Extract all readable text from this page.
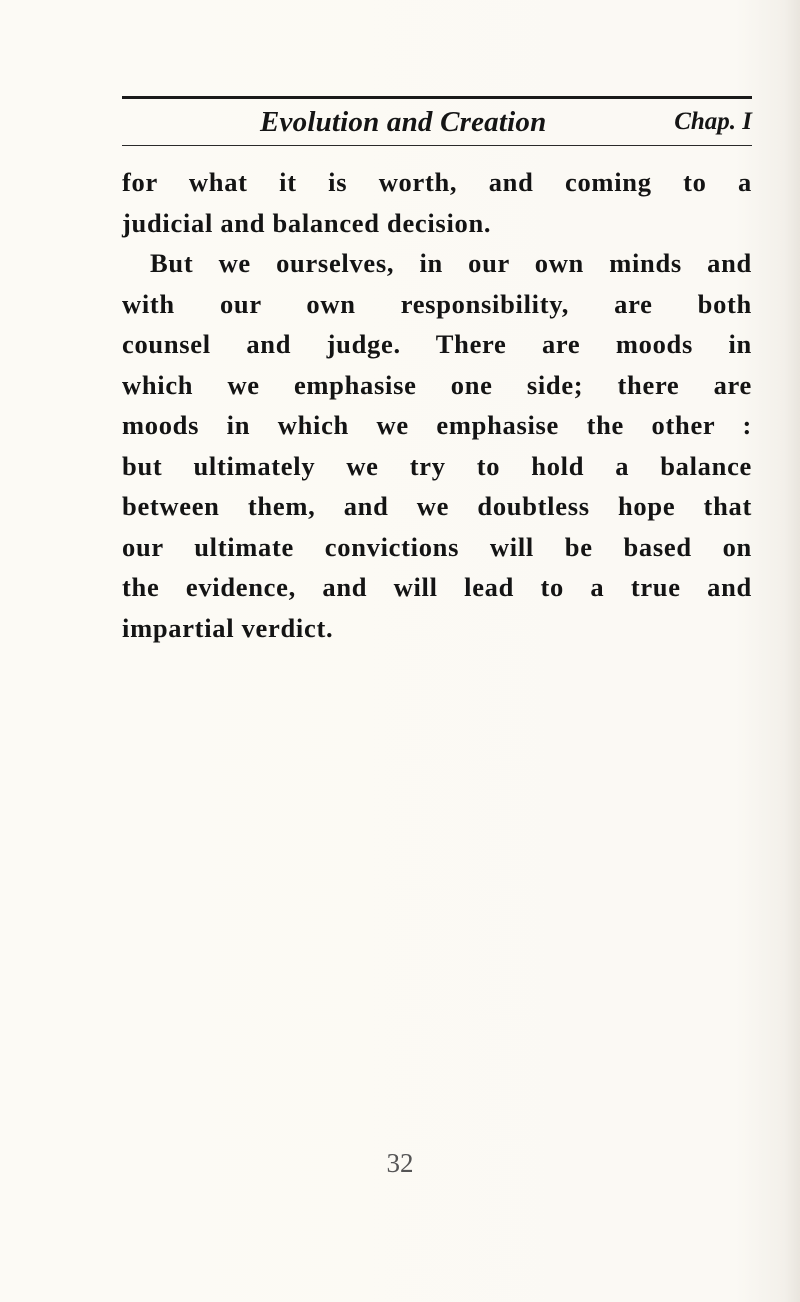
Evolution and Creation	Chap. I
for what it is worth, and coming to a
judicial and balanced decision.
But we ourselves, in our own minds and
with our own responsibility, are both
counsel and judge. There are moods in
which we emphasise one side; there are
moods in which we emphasise the other :
but ultimately we try to hold a balance
between them, and we doubtless hope that
our ultimate convictions will be based on
the evidence, and will lead to a true and
impartial verdict.
32
